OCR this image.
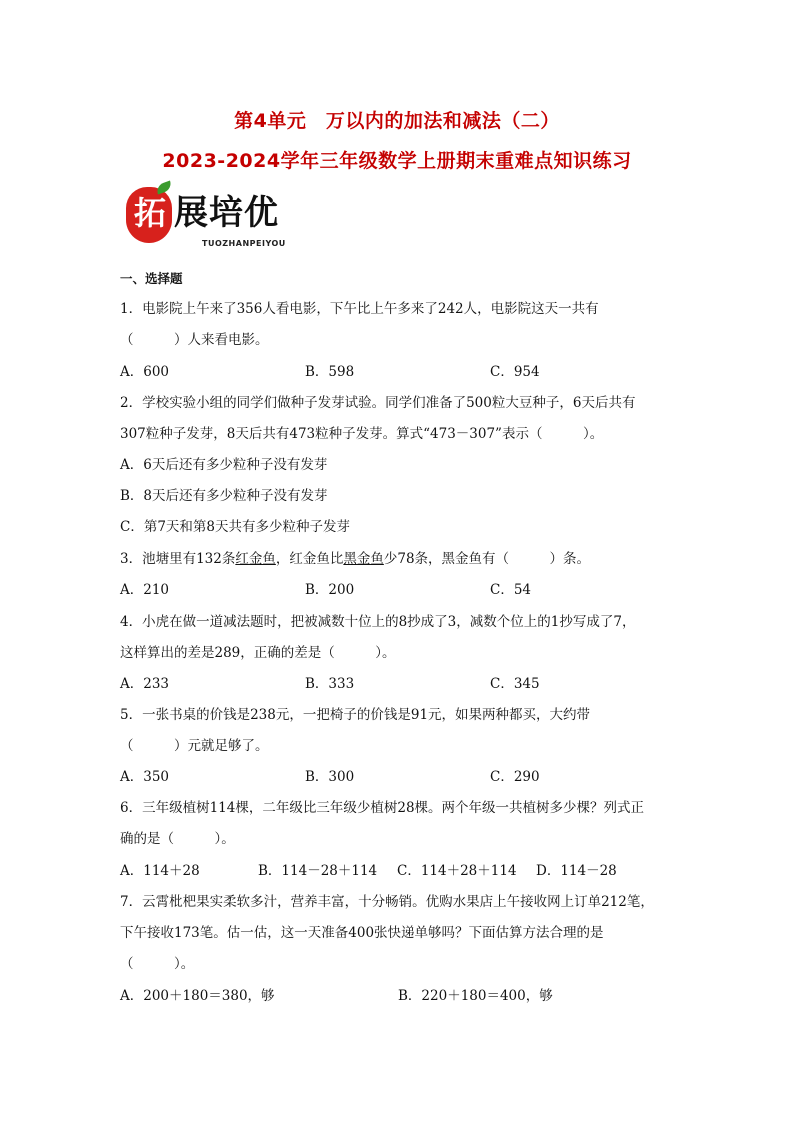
第4单元　万以内的加法和减法（二）
2023-2024学年三年级数学上册期末重难点知识练习
拓 展培优
TUOZHANPEIYOU
一、选择题
1．电影院上午来了356人看电影，下午比上午多来了242人，电影院这天一共有
（　　　）人来看电影。
A．600	B．598	C．954
2．学校实验小组的同学们做种子发芽试验。同学们准备了500粒大豆种子，6天后共有
307粒种子发芽，8天后共有473粒种子发芽。算式“473－307”表示（　　　）。
A．6天后还有多少粒种子没有发芽
B．8天后还有多少粒种子没有发芽
C．第7天和第8天共有多少粒种子发芽
3．池塘里有132条红金鱼，红金鱼比黑金鱼少78条，黑金鱼有（　　　）条。
A．210	B．200	C．54
4．小虎在做一道减法题时，把被减数十位上的8抄成了3，减数个位上的1抄写成了7，
这样算出的差是289，正确的差是（　　　）。
A．233	B．333	C．345
5．一张书桌的价钱是238元，一把椅子的价钱是91元，如果两种都买，大约带
（　　　）元就足够了。
A．350	B．300	C．290
6．三年级植树114棵，二年级比三年级少植树28棵。两个年级一共植树多少棵？列式正
确的是（　　　）。
A．114＋28	B．114－28＋114 C．114＋28＋114 D．114－28
7．云霄枇杷果实柔软多汁，营养丰富，十分畅销。优购水果店上午接收网上订单212笔，
下午接收173笔。估一估，这一天准备400张快递单够吗？下面估算方法合理的是
（　　　）。
A．200＋180＝380，够	B．220＋180＝400，够
